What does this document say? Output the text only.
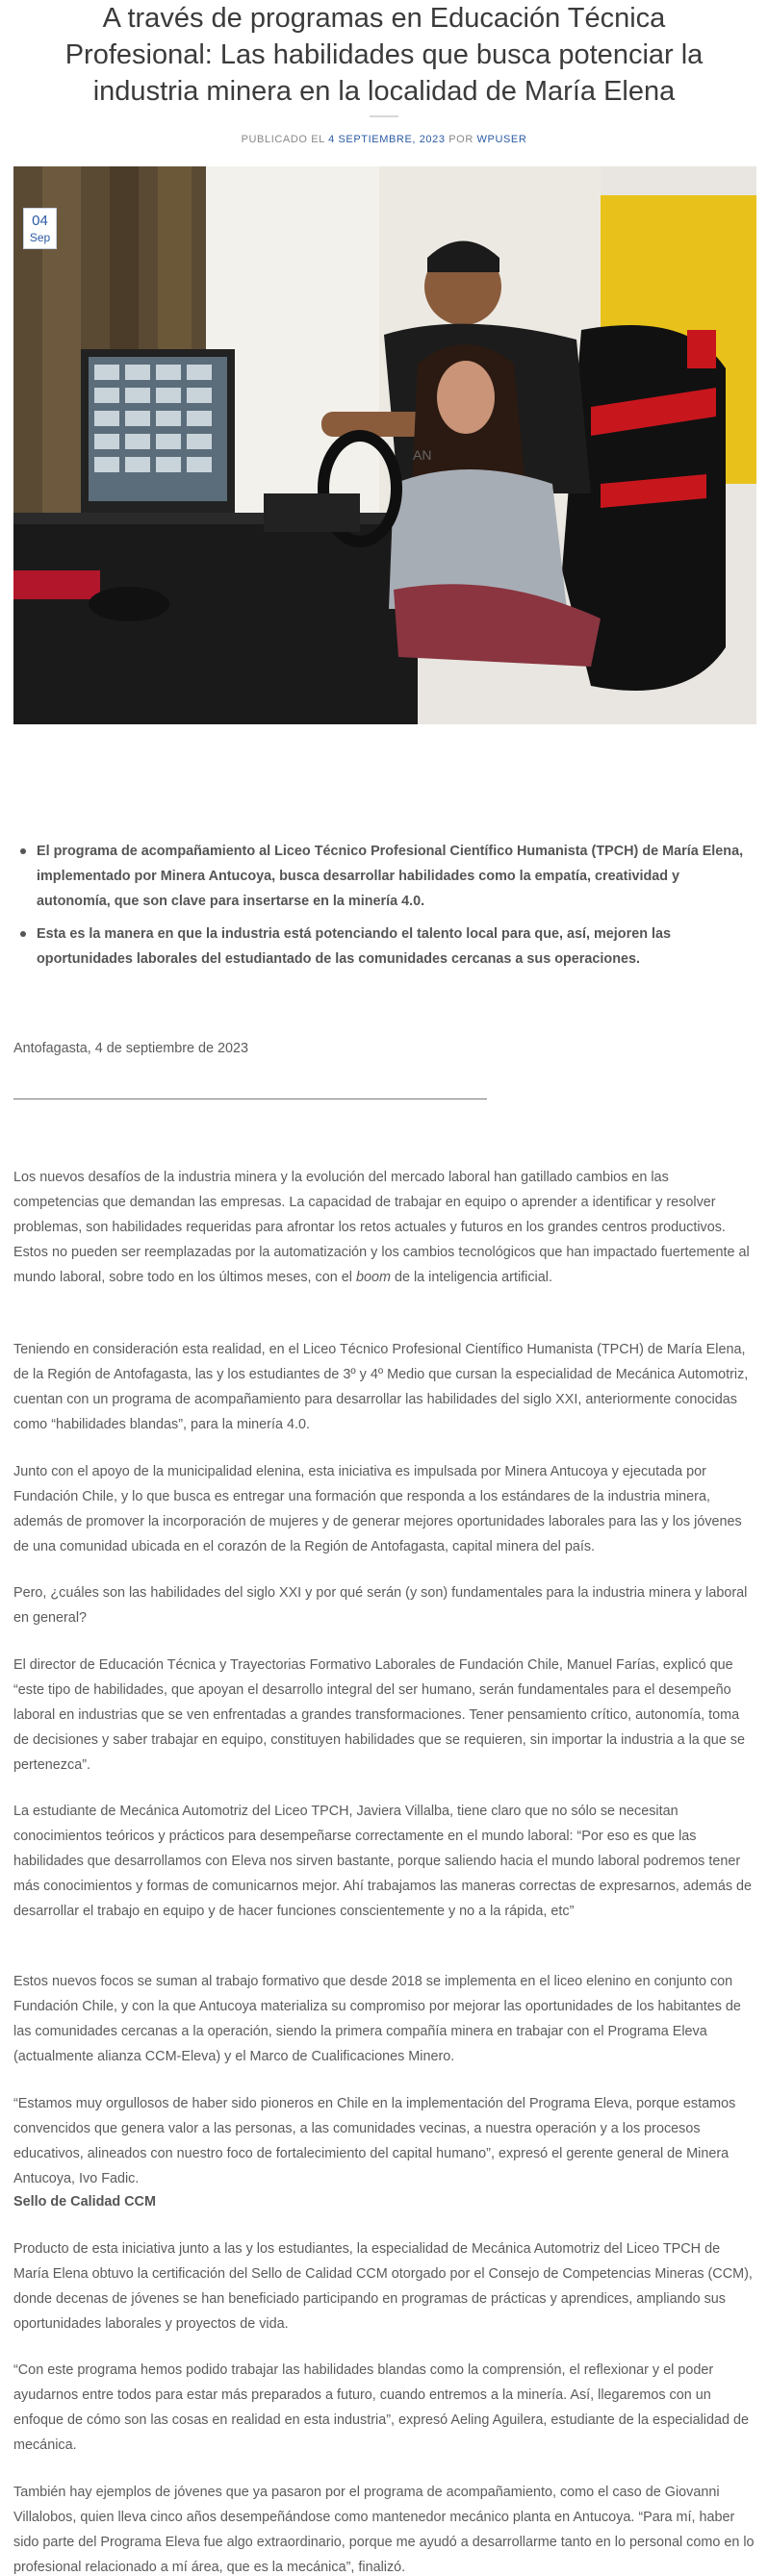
A través de programas en Educación Técnica Profesional: Las habilidades que busca potenciar la industria minera en la localidad de María Elena
PUBLICADO EL 4 SEPTIEMBRE, 2023 POR WPUSER
AN
04
Sep
El programa de acompañamiento al Liceo Técnico Profesional Científico Humanista (TPCH) de María Elena, implementado por Minera Antucoya, busca desarrollar habilidades como la empatía, creatividad y autonomía, que son clave para insertarse en la minería 4.0.
Esta es la manera en que la industria está potenciando el talento local para que, así, mejoren las oportunidades laborales del estudiantado de las comunidades cercanas a sus operaciones.

Antofagasta, 4 de septiembre de 2023

Los nuevos desafíos de la industria minera y la evolución del mercado laboral han gatillado cambios en las competencias que demandan las empresas. La capacidad de trabajar en equipo o aprender a identificar y resolver problemas, son habilidades requeridas para afrontar los retos actuales y futuros en los grandes centros productivos. Estos no pueden ser reemplazadas por la automatización y los cambios tecnológicos que han impactado fuertemente al mundo laboral, sobre todo en los últimos meses, con el boom de la inteligencia artificial.

Teniendo en consideración esta realidad, en el Liceo Técnico Profesional Científico Humanista (TPCH) de María Elena, de la Región de Antofagasta, las y los estudiantes de 3º y 4º Medio que cursan la especialidad de Mecánica Automotriz, cuentan con un programa de acompañamiento para desarrollar las habilidades del siglo XXI, anteriormente conocidas como “habilidades blandas”, para la minería 4.0.

Junto con el apoyo de la municipalidad elenina, esta iniciativa es impulsada por Minera Antucoya y ejecutada por Fundación Chile, y lo que busca es entregar una formación que responda a los estándares de la industria minera, además de promover la incorporación de mujeres y de generar mejores oportunidades laborales para las y los jóvenes de una comunidad ubicada en el corazón de la Región de Antofagasta, capital minera del país.

Pero, ¿cuáles son las habilidades del siglo XXI y por qué serán (y son) fundamentales para la industria minera y laboral en general?

El director de Educación Técnica y Trayectorias Formativo Laborales de Fundación Chile, Manuel Farías, explicó que “este tipo de habilidades, que apoyan el desarrollo integral del ser humano, serán fundamentales para el desempeño laboral en industrias que se ven enfrentadas a grandes transformaciones. Tener pensamiento crítico, autonomía, toma de decisiones y saber trabajar en equipo, constituyen habilidades que se requieren, sin importar la industria a la que se pertenezca”.

La estudiante de Mecánica Automotriz del Liceo TPCH, Javiera Villalba, tiene claro que no sólo se necesitan conocimientos teóricos y prácticos para desempeñarse correctamente en el mundo laboral: “Por eso es que las habilidades que desarrollamos con Eleva nos sirven bastante, porque saliendo hacia el mundo laboral podremos tener más conocimientos y formas de comunicarnos mejor. Ahí trabajamos las maneras correctas de expresarnos, además de desarrollar el trabajo en equipo y de hacer funciones conscientemente y no a la rápida, etc”

Estos nuevos focos se suman al trabajo formativo que desde 2018 se implementa en el liceo elenino en conjunto con Fundación Chile, y con la que Antucoya materializa su compromiso por mejorar las oportunidades de los habitantes de las comunidades cercanas a la operación, siendo la primera compañía minera en trabajar con el Programa Eleva (actualmente alianza CCM-Eleva) y el Marco de Cualificaciones Minero.

“Estamos muy orgullosos de haber sido pioneros en Chile en la implementación del Programa Eleva, porque estamos convencidos que genera valor a las personas, a las comunidades vecinas, a nuestra operación y a los procesos educativos, alineados con nuestro foco de fortalecimiento del capital humano”, expresó el gerente general de Minera Antucoya, Ivo Fadic.

Sello de Calidad CCM

Producto de esta iniciativa junto a las y los estudiantes, la especialidad de Mecánica Automotriz del Liceo TPCH de María Elena obtuvo la certificación del Sello de Calidad CCM otorgado por el Consejo de Competencias Mineras (CCM), donde decenas de jóvenes se han beneficiado participando en programas de prácticas y aprendices, ampliando sus oportunidades laborales y proyectos de vida.

“Con este programa hemos podido trabajar las habilidades blandas como la comprensión, el reflexionar y el poder ayudarnos entre todos para estar más preparados a futuro, cuando entremos a la minería. Así, llegaremos con un enfoque de cómo son las cosas en realidad en esta industria”, expresó Aeling Aguilera, estudiante de la especialidad de mecánica.

También hay ejemplos de jóvenes que ya pasaron por el programa de acompañamiento, como el caso de Giovanni Villalobos, quien lleva cinco años desempeñándose como mantenedor mecánico planta en Antucoya. “Para mí, haber sido parte del Programa Eleva fue algo extraordinario, porque me ayudó a desarrollarme tanto en lo personal como en lo profesional relacionado a mí área, que es la mecánica”, finalizó.
